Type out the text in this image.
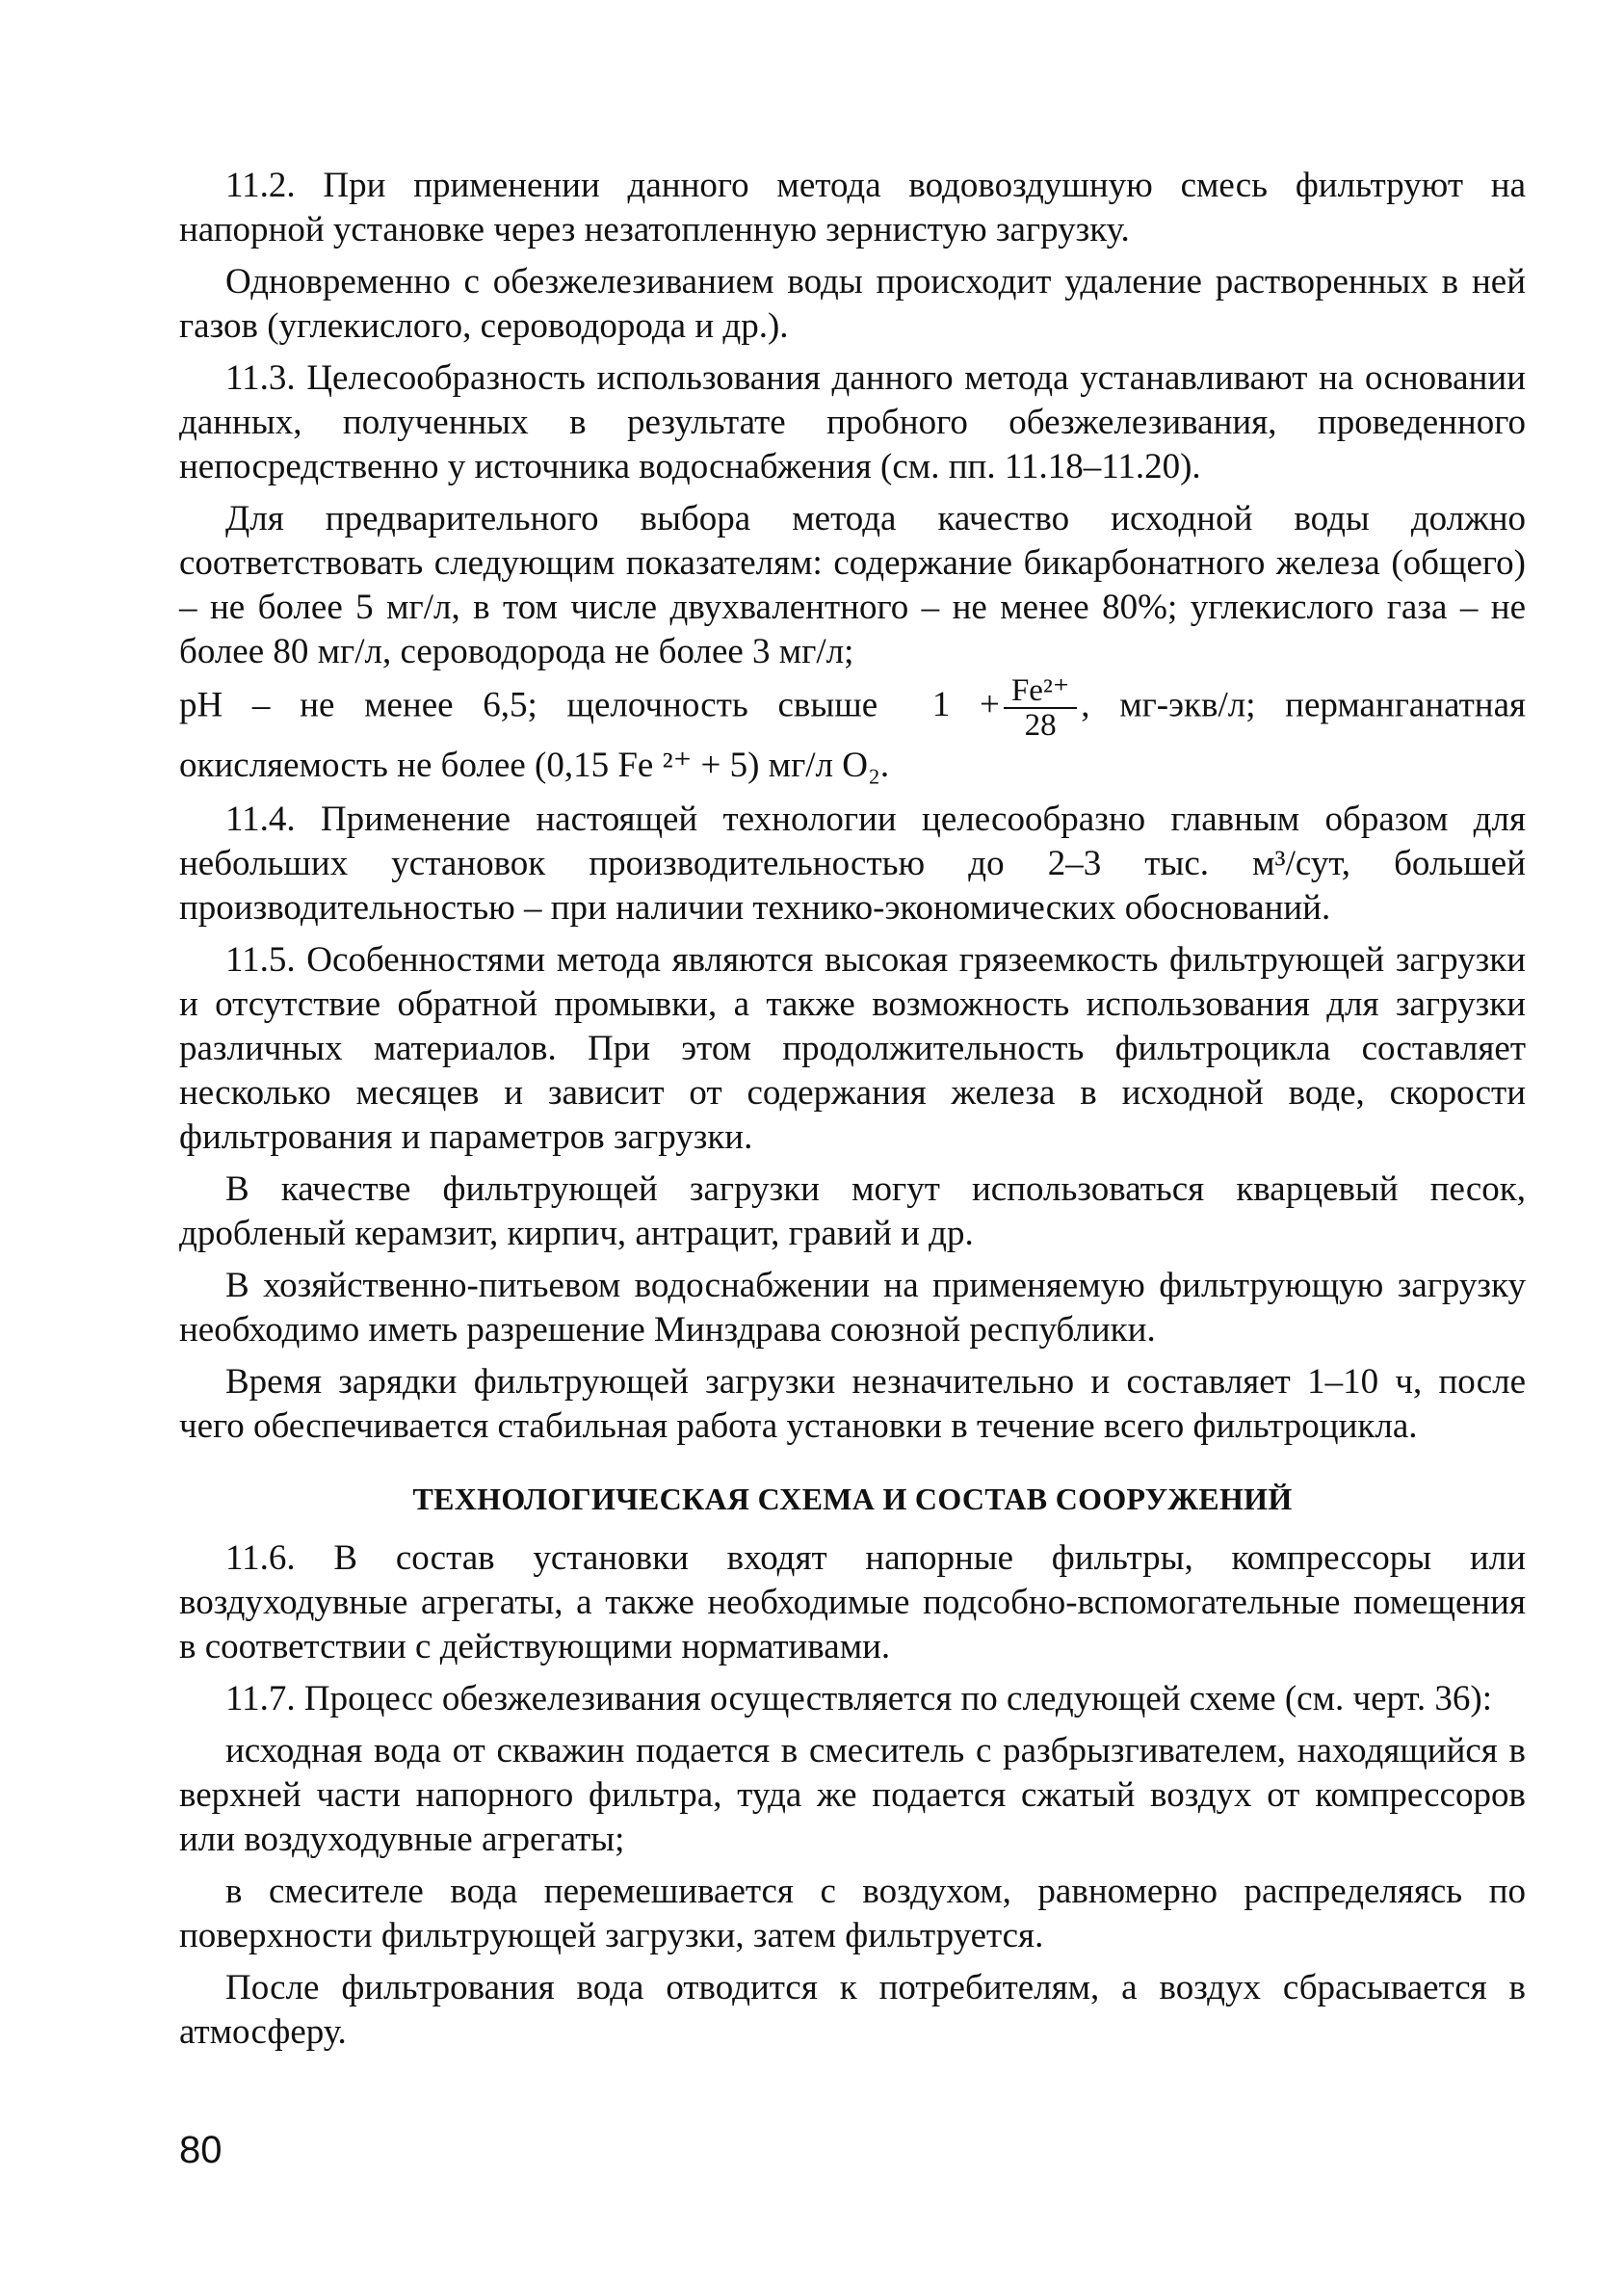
11.2. При применении данного метода водовоздушную смесь фильтруют на напорной установке через незатопленную зернистую загрузку.

Одновременно с обезжелезиванием воды происходит удаление растворенных в ней газов (углекислого, сероводорода и др.).

11.3. Целесообразность использования данного метода устанавливают на основании данных, полученных в результате пробного обезжелезивания, проведенного непосредственно у источника водоснабжения (см. пп. 11.18–11.20).

Для предварительного выбора метода качество исходной воды должно соответствовать следующим показателям: содержание бикарбонатного железа (общего) – не более 5 мг/л, в том числе двухвалентного – не менее 80%; углекислого газа – не более 80 мг/л, сероводорода не более 3 мг/л;

pH – не менее 6,5; щелочность свыше $1 + \frac{\text{Fe²⁺}}{28}$ , мг-экв/л; перманганатная окисляемость не более (0,15 Fe ²⁺ + 5) мг/л O₂.

11.4. Применение настоящей технологии целесообразно главным образом для небольших установок производительностью до 2–3 тыс. м³/сут, большей производительностью – при наличии технико-экономических обоснований.

11.5. Особенностями метода являются высокая грязеемкость фильтрующей загрузки и отсутствие обратной промывки, а также возможность использования для загрузки различных материалов. При этом продолжительность фильтроцикла составляет несколько месяцев и зависит от содержания железа в исходной воде, скорости фильтрования и параметров загрузки.

В качестве фильтрующей загрузки могут использоваться кварцевый песок, дробленый керамзит, кирпич, антрацит, гравий и др.

В хозяйственно-питьевом водоснабжении на применяемую фильтрующую загрузку необходимо иметь разрешение Минздрава союзной республики.

Время зарядки фильтрующей загрузки незначительно и составляет 1–10 ч, после чего обеспечивается стабильная работа установки в течение всего фильтроцикла.

ТЕХНОЛОГИЧЕСКАЯ СХЕМА И СОСТАВ СООРУЖЕНИЙ

11.6. В состав установки входят напорные фильтры, компрессоры или воздуходувные агрегаты, а также необходимые подсобно-вспомогательные помещения в соответствии с действующими нормативами.

11.7. Процесс обезжелезивания осуществляется по следующей схеме (см. черт. 36):

исходная вода от скважин подается в смеситель с разбрызгивателем, находящийся в верхней части напорного фильтра, туда же подается сжатый воздух от компрессоров или воздуходувные агрегаты;

в смесителе вода перемешивается с воздухом, равномерно распределяясь по поверхности фильтрующей загрузки, затем фильтруется.

После фильтрования вода отводится к потребителям, а воздух сбрасывается в атмосферу.

80
